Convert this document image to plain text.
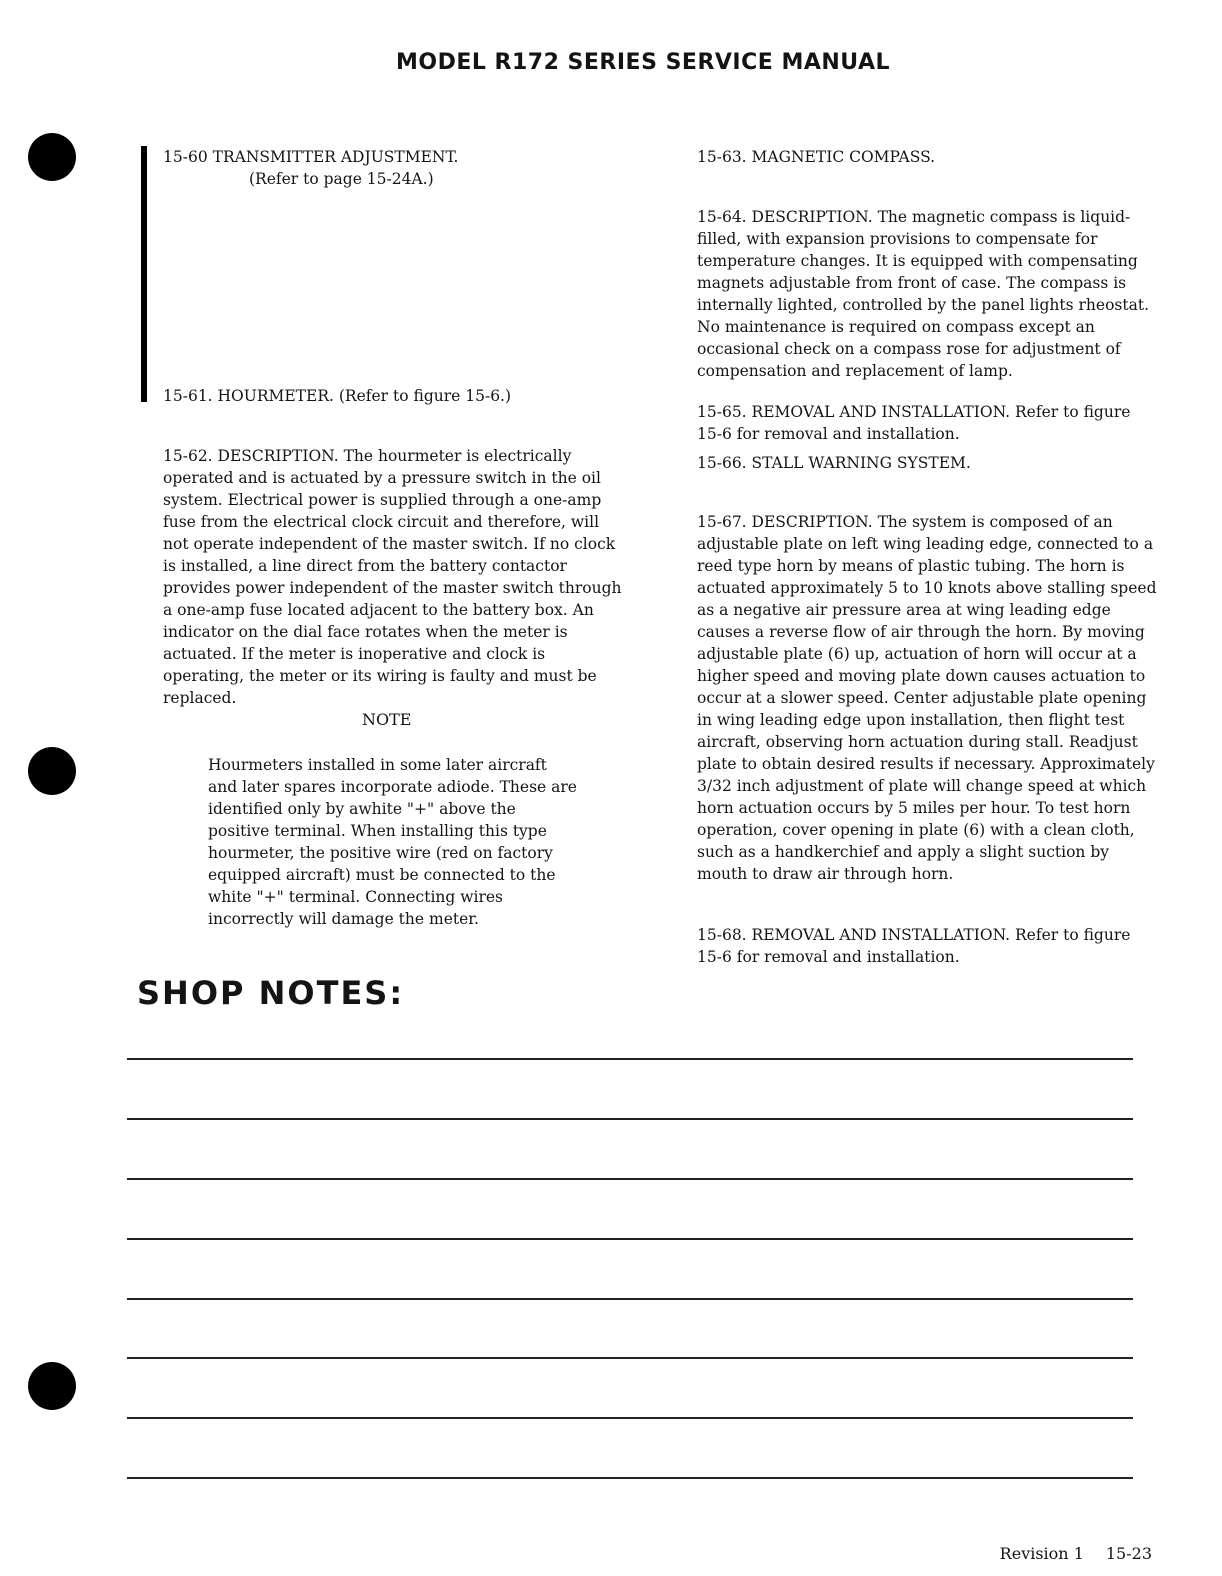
MODEL R172 SERIES SERVICE MANUAL
15-60 TRANSMITTER ADJUSTMENT.
(Refer to page 15-24A.)
15-61. HOURMETER. (Refer to figure 15-6.)

15-62. DESCRIPTION. The hourmeter is electrically operated and is actuated by a pressure switch in the oil system. Electrical power is supplied through a one-amp fuse from the electrical clock circuit and therefore, will not operate independent of the master switch. If no clock is installed, a line direct from the battery contactor provides power independent of the master switch through a one-amp fuse located adjacent to the battery box. An indicator on the dial face rotates when the meter is actuated. If the meter is inoperative and clock is operating, the meter or its wiring is faulty and must be replaced.

NOTE

Hourmeters installed in some later aircraft and later spares incorporate adiode. These are identified only by awhite "+" above the positive terminal. When installing this type hourmeter, the positive wire (red on factory equipped aircraft) must be connected to the white "+" terminal. Connecting wires incorrectly will damage the meter.

15-63. MAGNETIC COMPASS.

15-64. DESCRIPTION. The magnetic compass is liquid-filled, with expansion provisions to compensate for temperature changes. It is equipped with compensating magnets adjustable from front of case. The compass is internally lighted, controlled by the panel lights rheostat. No maintenance is required on compass except an occasional check on a compass rose for adjustment of compensation and replacement of lamp.

15-65. REMOVAL AND INSTALLATION. Refer to figure 15-6 for removal and installation.

15-66. STALL WARNING SYSTEM.

15-67. DESCRIPTION. The system is composed of an adjustable plate on left wing leading edge, connected to a reed type horn by means of plastic tubing. The horn is actuated approximately 5 to 10 knots above stalling speed as a negative air pressure area at wing leading edge causes a reverse flow of air through the horn. By moving adjustable plate (6) up, actuation of horn will occur at a higher speed and moving plate down causes actuation to occur at a slower speed. Center adjustable plate opening in wing leading edge upon installation, then flight test aircraft, observing horn actuation during stall. Readjust plate to obtain desired results if necessary. Approximately 3/32 inch adjustment of plate will change speed at which horn actuation occurs by 5 miles per hour. To test horn operation, cover opening in plate (6) with a clean cloth, such as a handkerchief and apply a slight suction by mouth to draw air through horn.

15-68. REMOVAL AND INSTALLATION. Refer to figure 15-6 for removal and installation.

SHOP NOTES:
Revision 1 15-23
